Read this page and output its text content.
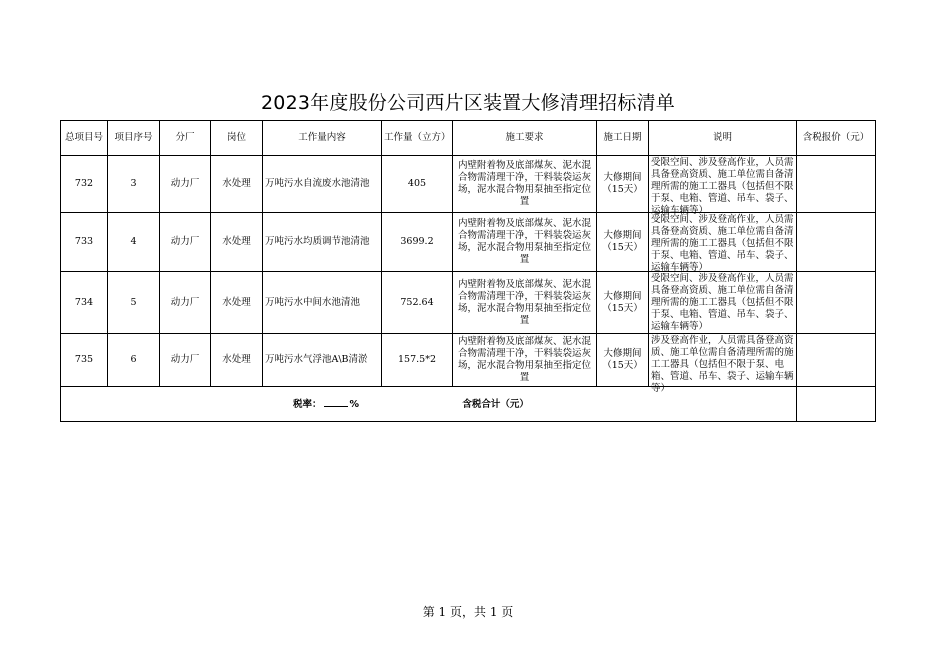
2023年度股份公司西片区装置大修清理招标清单
总项目号	项目序号	分厂	岗位	工作量内容	工作量（立方）	施工要求	施工日期	说明	含税报价（元）
732	3	动力厂	水处理	万吨污水自流废水池清池	405	内壁附着物及底部煤灰、泥水混合物需清理干净，干料装袋运灰场，泥水混合物用泵抽至指定位置	大修期间（15天）	受限空间、涉及登高作业，人员需具备登高资质、施工单位需自备清理所需的施工工器具（包括但不限于泵、电箱、管道、吊车、袋子、运输车辆等）	

733	4	动力厂	水处理	万吨污水均质调节池清池	3699.2	内壁附着物及底部煤灰、泥水混合物需清理干净，干料装袋运灰场，泥水混合物用泵抽至指定位置	大修期间（15天）	受限空间、涉及登高作业，人员需具备登高资质、施工单位需自备清理所需的施工工器具（包括但不限于泵、电箱、管道、吊车、袋子、运输车辆等）	

734	5	动力厂	水处理	万吨污水中间水池清池	752.64	内壁附着物及底部煤灰、泥水混合物需清理干净，干料装袋运灰场，泥水混合物用泵抽至指定位置	大修期间（15天）	受限空间、涉及登高作业，人员需具备登高资质、施工单位需自备清理所需的施工工器具（包括但不限于泵、电箱、管道、吊车、袋子、运输车辆等）	

735	6	动力厂	水处理	万吨污水气浮池A\B清淤	157.5*2	内壁附着物及底部煤灰、泥水混合物需清理干净，干料装袋运灰场，泥水混合物用泵抽至指定位置	大修期间（15天）	涉及登高作业，人员需具备登高资质、施工单位需自备清理所需的施工工器具（包括但不限于泵、电箱、管道、吊车、袋子、运输车辆等）	

税率： % 含税合计（元）									
第 1 页，共 1 页
